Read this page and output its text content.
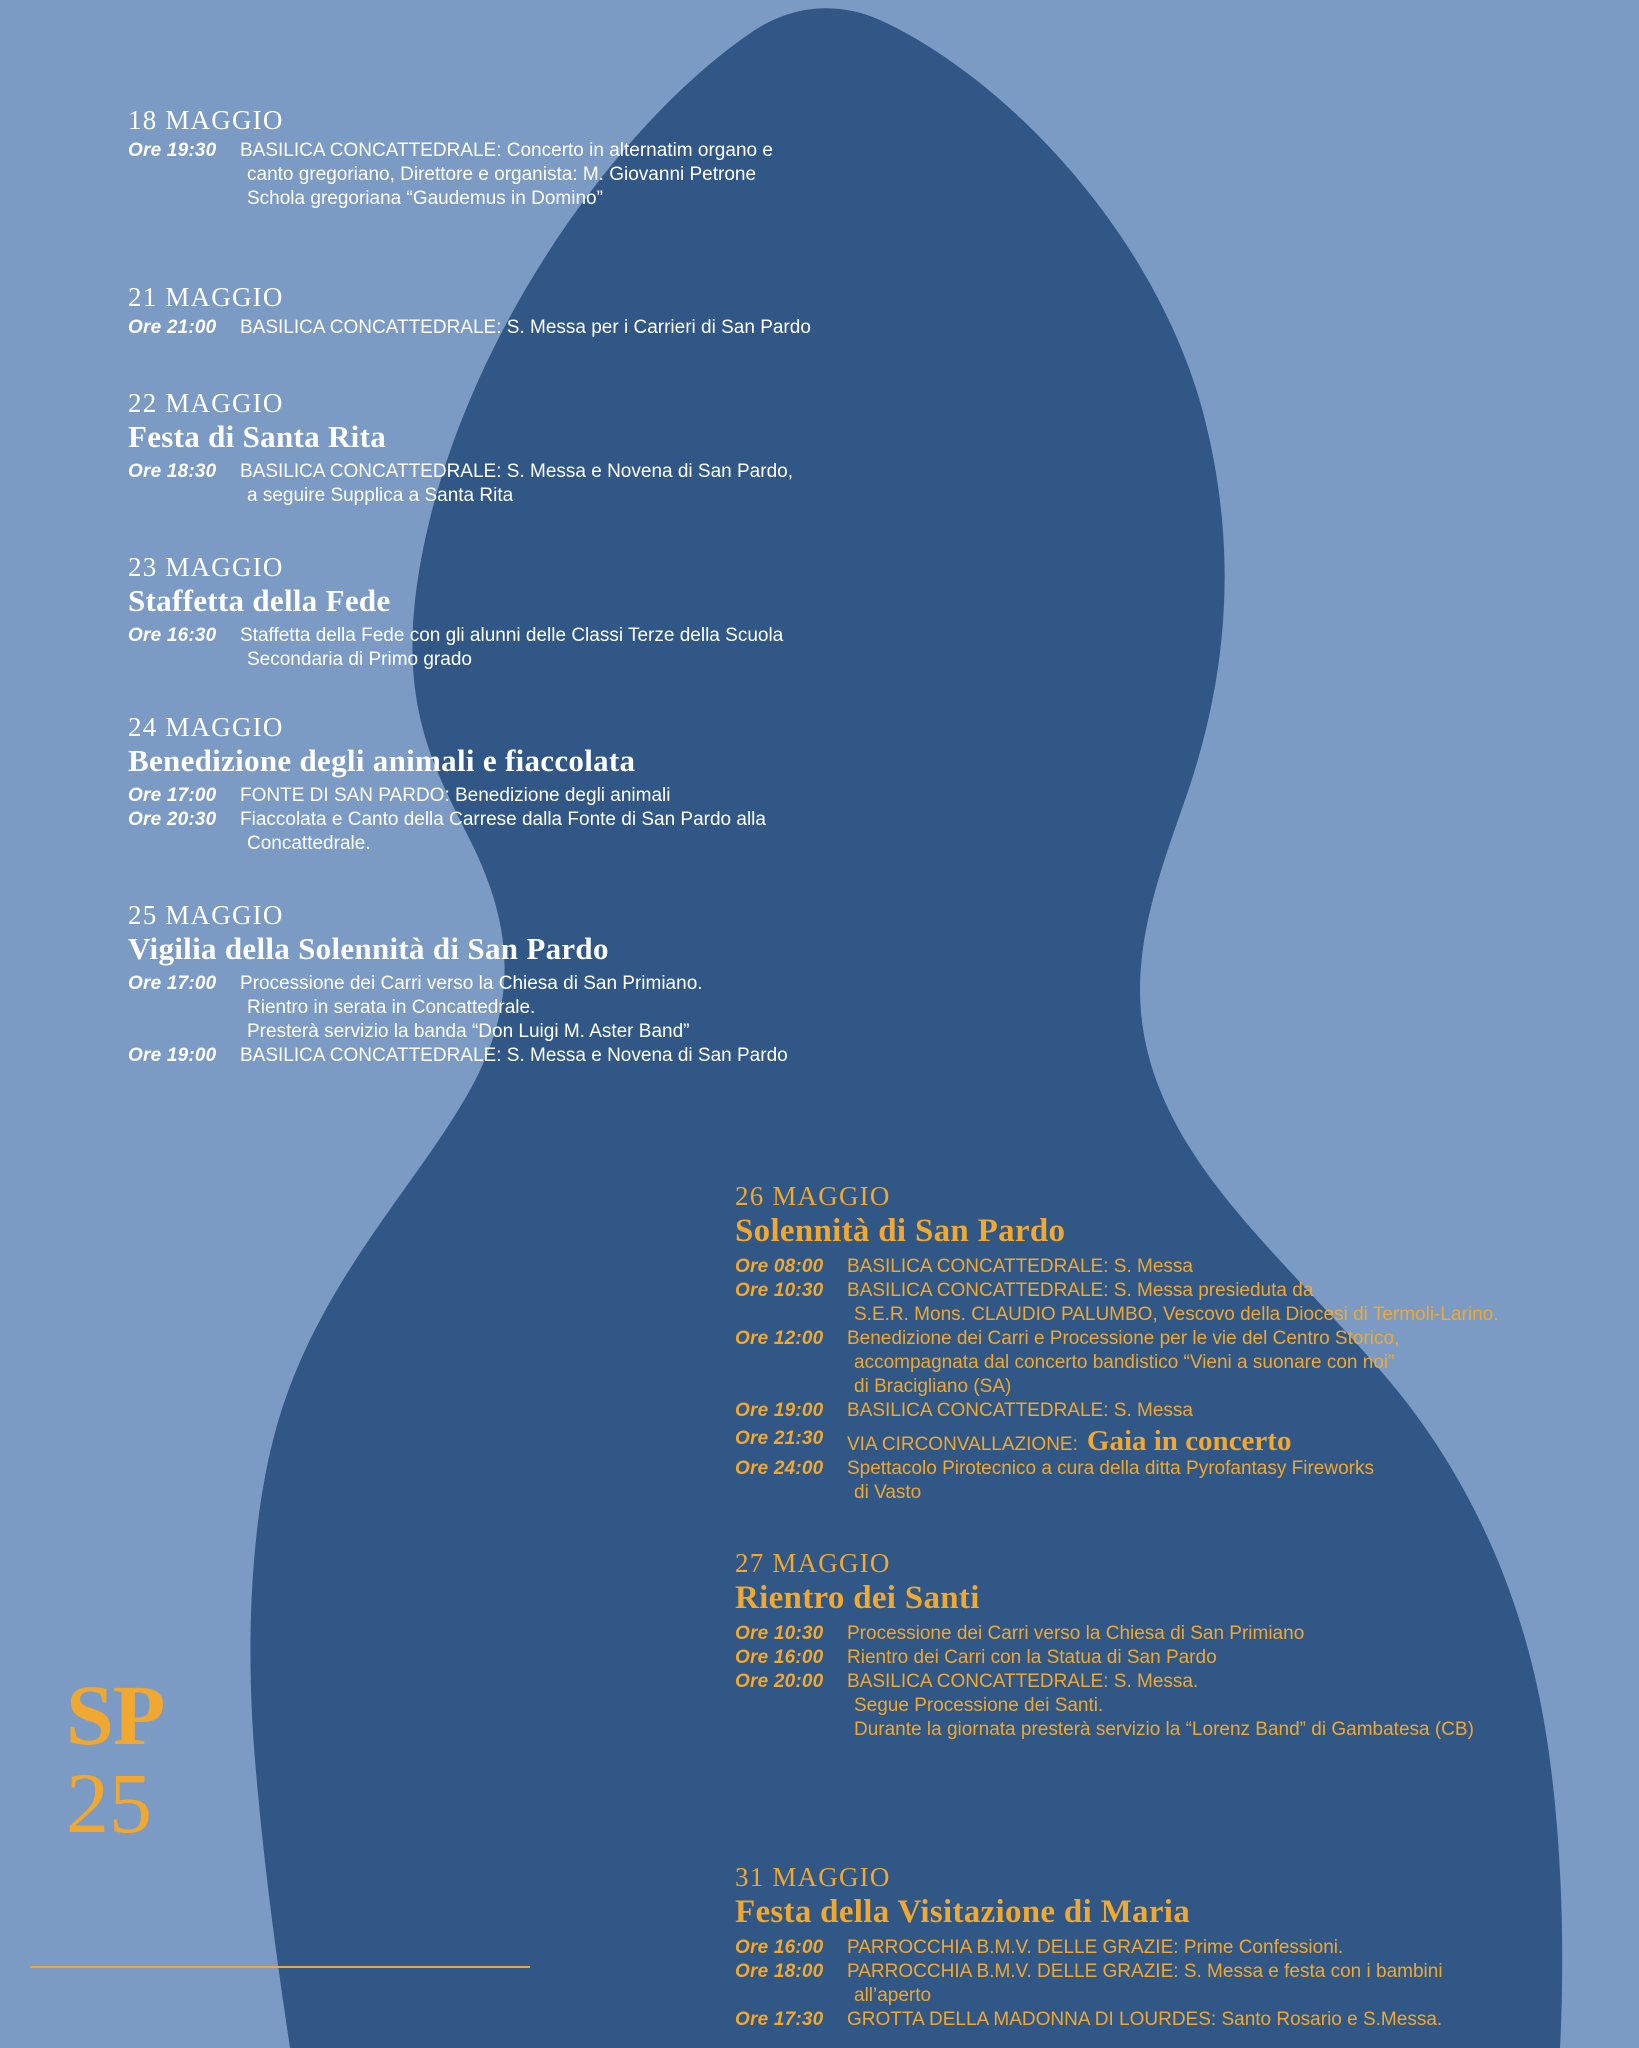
18 MAGGIO
Ore 19:30	BASILICA CONCATTEDRALE: Concerto in alternatim organo e
canto gregoriano, Direttore e organista: M. Giovanni Petrone
Schola gregoriana “Gaudemus in Domino”
21 MAGGIO
Ore 21:00	BASILICA CONCATTEDRALE: S. Messa per i Carrieri di San Pardo
22 MAGGIO
Festa di Santa Rita
Ore 18:30	BASILICA CONCATTEDRALE: S. Messa e Novena di San Pardo,
a seguire Supplica a Santa Rita
23 MAGGIO
Staffetta della Fede
Ore 16:30	Staffetta della Fede con gli alunni delle Classi Terze della Scuola
Secondaria di Primo grado
24 MAGGIO
Benedizione degli animali e fiaccolata
Ore 17:00	FONTE DI SAN PARDO: Benedizione degli animali
Ore 20:30	Fiaccolata e Canto della Carrese dalla Fonte di San Pardo alla
Concattedrale.
25 MAGGIO
Vigilia della Solennità di San Pardo
Ore 17:00	Processione dei Carri verso la Chiesa di San Primiano.
Rientro in serata in Concattedrale.
Presterà servizio la banda “Don Luigi M. Aster Band”
Ore 19:00	BASILICA CONCATTEDRALE: S. Messa e Novena di San Pardo
26 MAGGIO
Solennità di San Pardo
Ore 08:00	BASILICA CONCATTEDRALE: S. Messa
Ore 10:30	BASILICA CONCATTEDRALE: S. Messa presieduta da
S.E.R. Mons. CLAUDIO PALUMBO, Vescovo della Diocesi di Termoli-Larino.
Ore 12:00	Benedizione dei Carri e Processione per le vie del Centro Storico,
accompagnata dal concerto bandistico “Vieni a suonare con noi”
di Bracigliano (SA)
Ore 19:00	BASILICA CONCATTEDRALE: S. Messa
Ore 21:30	VIA CIRCONVALLAZIONE: Gaia in concerto
Ore 24:00	Spettacolo Pirotecnico a cura della ditta Pyrofantasy Fireworks
di Vasto
27 MAGGIO
Rientro dei Santi
Ore 10:30	Processione dei Carri verso la Chiesa di San Primiano
Ore 16:00	Rientro dei Carri con la Statua di San Pardo
Ore 20:00	BASILICA CONCATTEDRALE: S. Messa.
Segue Processione dei Santi.
Durante la giornata presterà servizio la “Lorenz Band” di Gambatesa (CB)
31 MAGGIO
Festa della Visitazione di Maria
Ore 16:00	PARROCCHIA B.M.V. DELLE GRAZIE: Prime Confessioni.
Ore 18:00	PARROCCHIA B.M.V. DELLE GRAZIE: S. Messa e festa con i bambini
all’aperto
Ore 17:30	GROTTA DELLA MADONNA DI LOURDES: Santo Rosario e S.Messa.
SP
25
